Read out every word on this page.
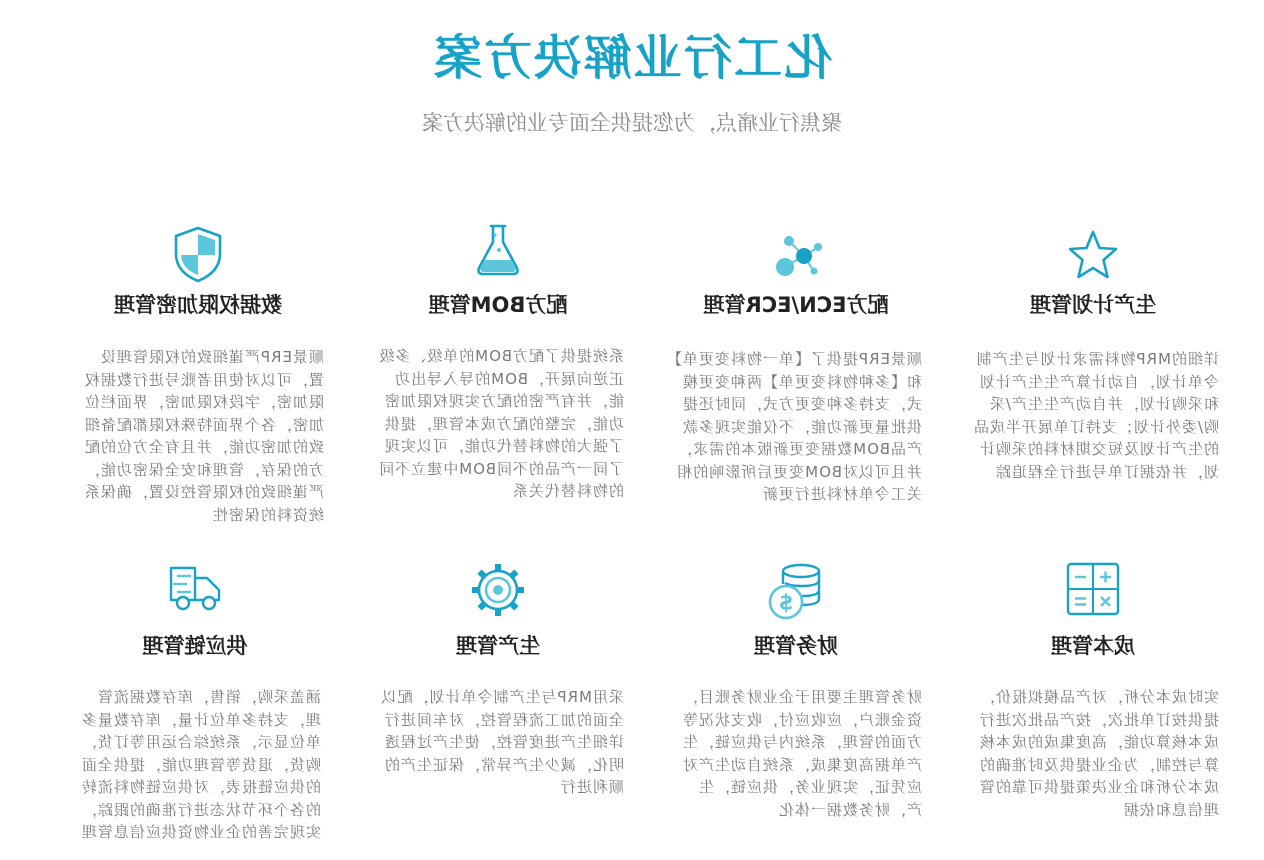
化工行业解决方案
聚焦行业痛点，为您提供全面专业的解决方案
生产计划管理
详细的MRP物料需求计划与生产制令单计划，自动计算产生生产计划和采购计划，并自动产生生产/采购/委外计划；支持订单展开半成品的生产计划及短交期材料的采购计划，并依据订单号进行全程追踪
配方ECN/ECR管理
顺景ERP提供了【单一物料变更单】和【多种物料变更单】两种变更模式，支持多种变更方式，同时还提供批量更新功能，不仅能实现多款产品BOM数据变更新版本的需求，并且可以对BOM变更后所影响的相关工令单材料进行更新
配方BOM管理
系统提供了配方BOM的单级、多级正逆向展开，BOM的导入导出功能，并有严密的配方实现权限加密功能，完整的配方成本管理，提供了强大的物料替代功能，可以实现了同一产品的不同BOM中建立不同的物料替代关系
数据权限加密管理
顺景ERP严谨细致的权限管理设置，可以对使用者账号进行数据权限加密，字段权限加密，界面栏位加密，各个界面特殊权限都配备细致的加密功能，并且有全方位的配方的保存，管理和安全保密功能，严谨细致的权限管控设置，确保系统资料的保密性
成本管理
实时成本分析，对产品模拟报价，提供按订单批次，按产品批次进行成本核算功能，高度集成的成本核算与控制，为企业提供及时准确的成本分析和企业决策提供可靠的管理信息和依据
$
财务管理
财务管理主要用于企业财务账目，资金账户，应收应付，收支状况等方面的管理，系统内与供应链，生产单据高度集成，系统自动生产对应凭证，实现业务，供应链，生产，财务数据一体化
生产管理
采用MRP与生产制令单计划，配以全面的加工流程管控，对车间进行详细生产进度管控，使生产过程透明化，减少生产异常，保证生产的顺利进行
供应链管理
涵盖采购，销售，库存数据流管理，支持多单位计量，库存数量多单位显示，系统综合运用等订货，购货，退货等管理功能，提供全面的供应链报表，对供应链物料流转的各个环节状态进行准确的跟踪，实现完善的企业物资供应信息管理
